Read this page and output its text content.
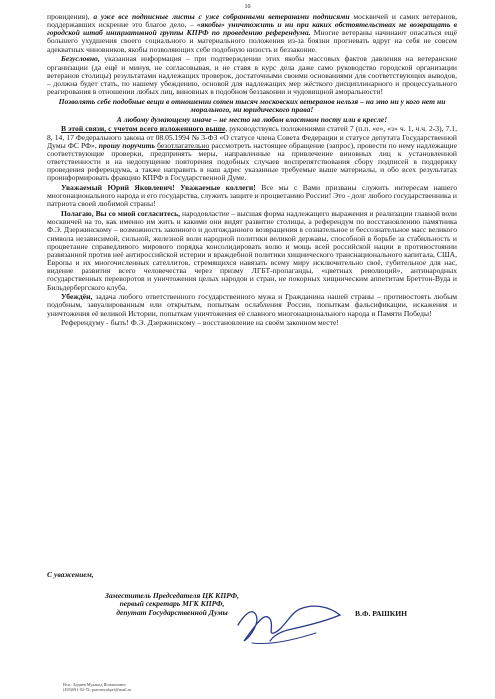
10

провидения), а уже все подписные листы с уже собранными ветеранами подписями москвичей и самих ветеранов, поддержавших искренне это благое дело, – «якобы» уничтожить и ни при каких обстоятельствах не возвращать в городской штаб инициативной группы КПРФ по проведению референдума. Многие ветераны начинают опасаться ещё большего ухудшения своего социального и материального положения из-за боязни прогневать вдруг на себя не совсем адекватных чиновников, якобы позволяющих себе подобную низость и беззаконие.

Безусловно, указанная информация – при подтверждении этих якобы массовых фактов давления на ветеранские организации (да ещё и минуя, не согласовывая, и не ставя в курс дела даже само руководство городской организации ветеранов столицы) результатами надлежащих проверок, достаточными своими основаниями для соответствующих выводов, – должна будет стать, по нашему убеждению, основой для надлежащих мер жёсткого дисциплинарного и процессуального реагирования в отношении любых лиц, виновных в подобном беззаконии и чудовищной аморальности!

Позволять себе подобные вещи в отношении сотен тысяч московских ветеранов нельзя – на это ни у кого нет ни морального, ни юридического права!

А любому думающему иначе – не место на любом властном посту или в кресле!

В этой связи, с учетом всего изложенного выше, руководствуясь положениями статей 7 (п.п. «е», «з» ч. 1, ч.ч. 2-3), 7.1, 8, 14, 17 Федерального закона от 08.05.1994 № 3-ФЗ «О статусе члена Совета Федерации и статусе депутата Государственной Думы ФС РФ», прошу поручить безотлагательно рассмотреть настоящее обращение (запрос), провести по нему надлежащие соответствующие проверки, предпринять меры, направленные на привлечение виновных лиц к установленной ответственности и на недопущение повторения подобных случаев воспрепятствования сбору подписей в поддержку проведения референдума, а также направить в наш адрес указанные требуемые выше материалы, и обо всех результатах проинформировать фракцию КПРФ в Государственной Думе.

Уважаемый Юрий Яковлевич! Уважаемые коллеги! Все мы с Вами призваны служить интересам нашего многонационального народа и его государства, служить защите и процветанию России! Это - долг любого государственника и патриота своей любимой страны!

Полагаю, Вы со мной согласитесь, народовластие – высшая форма надлежащего выражения и реализации главной воли москвичей на то, как именно им жить и какими они видят развитие столицы, а референдум по восстановлению памятника Ф.Э. Дзержинскому – возможность законного и долгожданного возвращения в сознательное и бессознательное масс великого символа независимой, сильной, железной воли народной политики великой державы, способной в борьбе за стабильность и процветание справедливого мирового порядка консолидировать волю и мощь всей российской нации в противостоянии развязанной против неё антироссийской истерии и враждебной политики хищнического транснационального капитала, США, Европы и их многочисленных сателлитов, стремящихся навязать всему миру исключительно своё, губительное для нас, видение развития всего человечества через призму ЛГБТ-пропаганды, «цветных революций», антинародных государственных переворотов и уничтожения целых народов и стран, не покорных хищническим аппетитам Бреттон-Вуда и Бильдербергского клуба.

Убеждён, задача любого ответственного государственного мужа и Гражданина нашей страны – противостоять любым подобным, завуалированным или открытым, попыткам ослабления России, попыткам фальсификации, искажения и уничтожения её великой Истории, попыткам уничтожения её славного многонационального народа и Памяти Победы!

Референдуму - быть! Ф.Э. Дзержинскому – восстановление на своём законном месте!

С уважением,
Заместитель Председателя ЦК КПРФ,
первый секретарь МГК КПРФ,
депутат Государственной Думы	В.Ф. РАШКИН
Исп.: Бодяев Муханед Исмаилович
(495)691-02-72; pravomoskprf@mail.ru
